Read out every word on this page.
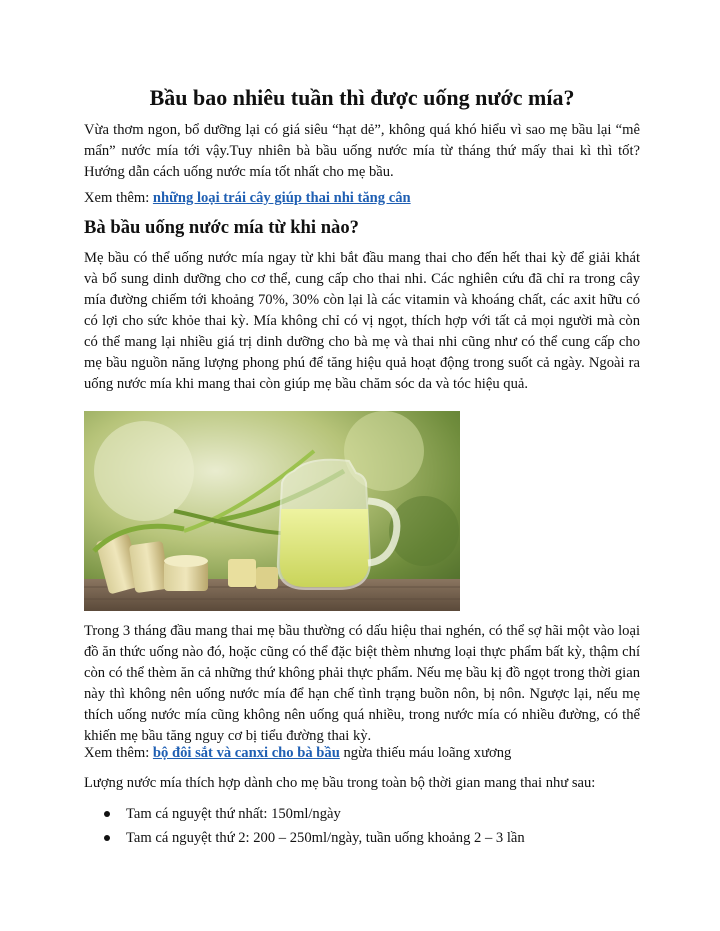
Bầu bao nhiêu tuần thì được uống nước mía?

Vừa thơm ngon, bổ dưỡng lại có giá siêu “hạt dẻ”, không quá khó hiểu vì sao mẹ bầu lại “mê mẩn” nước mía tới vậy.Tuy nhiên bà bầu uống nước mía từ tháng thứ mấy thai kì thì tốt? Hướng dẫn cách uống nước mía tốt nhất cho mẹ bầu.

Xem thêm: những loại trái cây giúp thai nhi tăng cân

Bà bầu uống nước mía từ khi nào?

Mẹ bầu có thể uống nước mía ngay từ khi bắt đầu mang thai cho đến hết thai kỳ để giải khát và bổ sung dinh dưỡng cho cơ thể, cung cấp cho thai nhi. Các nghiên cứu đã chỉ ra trong cây mía đường chiếm tới khoảng 70%, 30% còn lại là các vitamin và khoáng chất, các axit hữu có có lợi cho sức khỏe thai kỳ. Mía không chỉ có vị ngọt, thích hợp với tất cả mọi người mà còn có thể mang lại nhiều giá trị dinh dưỡng cho bà mẹ và thai nhi cũng như có thể cung cấp cho mẹ bầu nguồn năng lượng phong phú để tăng hiệu quả hoạt động trong suốt cả ngày. Ngoài ra uống nước mía khi mang thai còn giúp mẹ bầu chăm sóc da và tóc hiệu quả.

Trong 3 tháng đầu mang thai mẹ bầu thường có dấu hiệu thai nghén, có thể sợ hãi một vào loại đồ ăn thức uống nào đó, hoặc cũng có thể đặc biệt thèm nhưng loại thực phẩm bất kỳ, thậm chí còn có thể thèm ăn cả những thứ không phải thực phẩm. Nếu mẹ bầu kị đồ ngọt trong thời gian này thì không nên uống nước mía để hạn chế tình trạng buồn nôn, bị nôn. Ngược lại, nếu mẹ thích uống nước mía cũng không nên uống quá nhiều, trong nước mía có nhiều đường, có thể khiến mẹ bầu tăng nguy cơ bị tiểu đường thai kỳ.

Xem thêm: bộ đôi sắt và canxi cho bà bầu ngừa thiếu máu loãng xương

Lượng nước mía thích hợp dành cho mẹ bầu trong toàn bộ thời gian mang thai như sau:

Tam cá nguyệt thứ nhất: 150ml/ngày
Tam cá nguyệt thứ 2: 200 – 250ml/ngày, tuần uống khoảng 2 – 3 lần
